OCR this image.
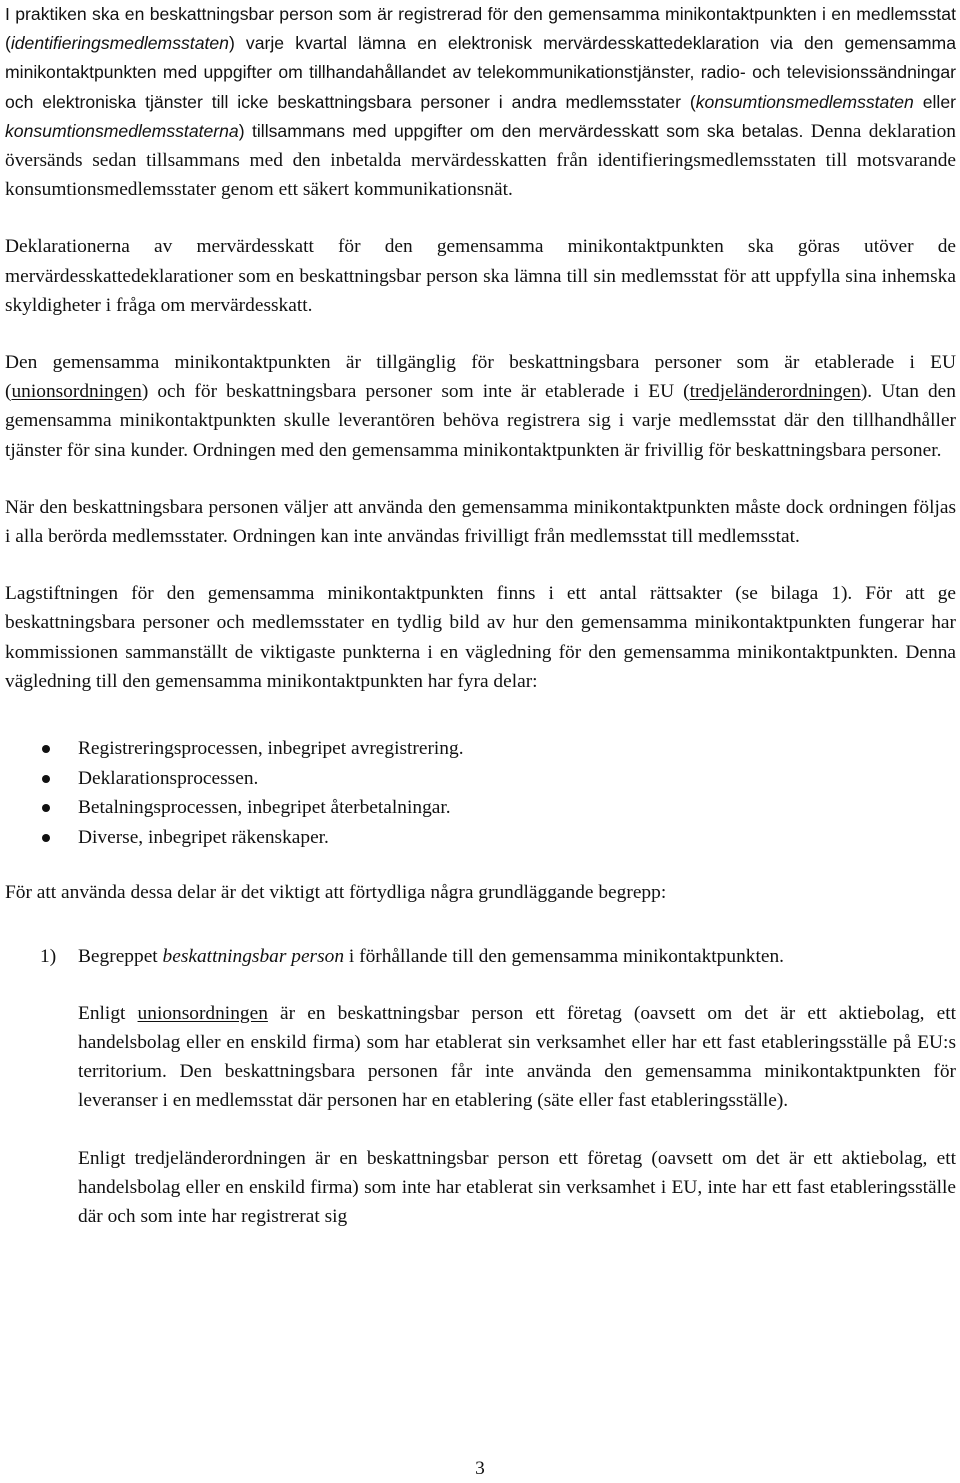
I praktiken ska en beskattningsbar person som är registrerad för den gemensamma minikontaktpunkten i en medlemsstat (identifieringsmedlemsstaten) varje kvartal lämna en elektronisk mervärdesskattedeklaration via den gemensamma minikontaktpunkten med uppgifter om tillhandahållandet av telekommunikationstjänster, radio- och televisionssändningar och elektroniska tjänster till icke beskattningsbara personer i andra medlemsstater (konsumtionsmedlemsstaten eller konsumtionsmedlemsstaterna) tillsammans med uppgifter om den mervärdesskatt som ska betalas. Denna deklaration översänds sedan tillsammans med den inbetalda mervärdesskatten från identifieringsmedlemsstaten till motsvarande konsumtionsmedlemsstater genom ett säkert kommunikationsnät.

Deklarationerna av mervärdesskatt för den gemensamma minikontaktpunkten ska göras utöver de mervärdesskattedeklarationer som en beskattningsbar person ska lämna till sin medlemsstat för att uppfylla sina inhemska skyldigheter i fråga om mervärdesskatt.

Den gemensamma minikontaktpunkten är tillgänglig för beskattningsbara personer som är etablerade i EU (unionsordningen) och för beskattningsbara personer som inte är etablerade i EU (tredjeländerordningen). Utan den gemensamma minikontaktpunkten skulle leverantören behöva registrera sig i varje medlemsstat där den tillhandhåller tjänster för sina kunder. Ordningen med den gemensamma minikontaktpunkten är frivillig för beskattningsbara personer.

När den beskattningsbara personen väljer att använda den gemensamma minikontaktpunkten måste dock ordningen följas i alla berörda medlemsstater. Ordningen kan inte användas frivilligt från medlemsstat till medlemsstat.

Lagstiftningen för den gemensamma minikontaktpunkten finns i ett antal rättsakter (se bilaga 1). För att ge beskattningsbara personer och medlemsstater en tydlig bild av hur den gemensamma minikontaktpunkten fungerar har kommissionen sammanställt de viktigaste punkterna i en vägledning för den gemensamma minikontaktpunkten. Denna vägledning till den gemensamma minikontaktpunkten har fyra delar:

Registreringsprocessen, inbegripet avregistrering.
Deklarationsprocessen.
Betalningsprocessen, inbegripet återbetalningar.
Diverse, inbegripet räkenskaper.

För att använda dessa delar är det viktigt att förtydliga några grundläggande begrepp:

1) Begreppet beskattningsbar person i förhållande till den gemensamma minikontaktpunkten.

Enligt unionsordningen är en beskattningsbar person ett företag (oavsett om det är ett aktiebolag, ett handelsbolag eller en enskild firma) som har etablerat sin verksamhet eller har ett fast etableringsställe på EU:s territorium. Den beskattningsbara personen får inte använda den gemensamma minikontaktpunkten för leveranser i en medlemsstat där personen har en etablering (säte eller fast etableringsställe).

Enligt tredjeländerordningen är en beskattningsbar person ett företag (oavsett om det är ett aktiebolag, ett handelsbolag eller en enskild firma) som inte har etablerat sin verksamhet i EU, inte har ett fast etableringsställe där och som inte har registrerat sig

3
